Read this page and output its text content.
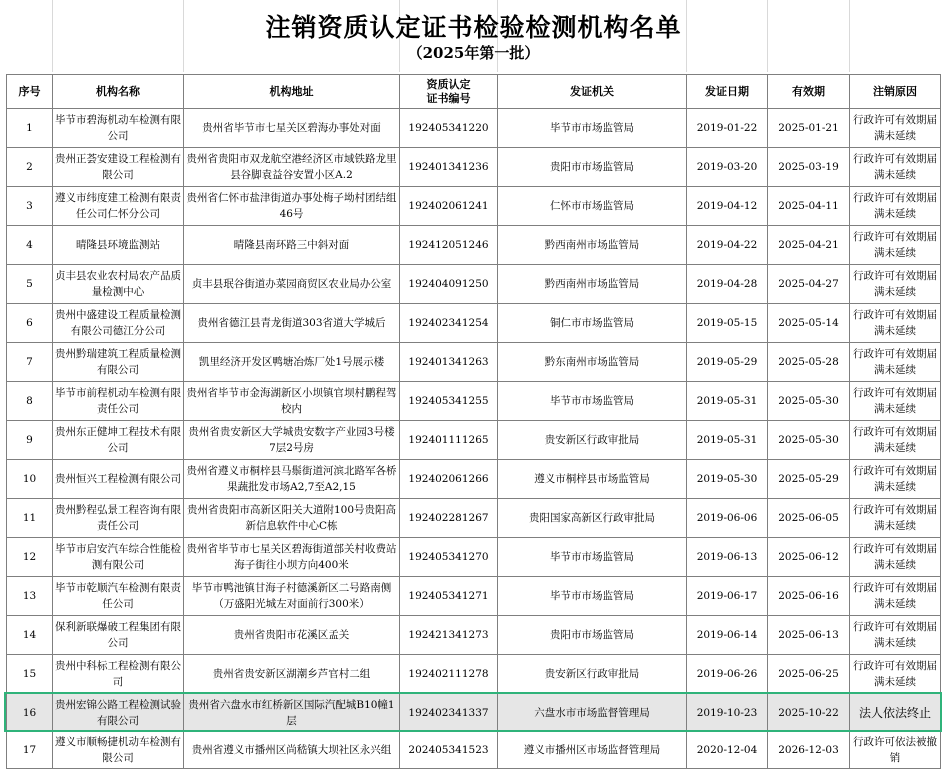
注销资质认定证书检验检测机构名单
（2025年第一批）
序号	机构名称	机构地址	资质认定
证书编号	发证机关	发证日期	有效期	注销原因
1	毕节市碧海机动车检测有限公司	贵州省毕节市七星关区碧海办事处对面	192405341220	毕节市市场监管局	2019-01-22	2025-01-21	行政许可有效期届满未延续
2	贵州正荟安建设工程检测有限公司	贵州省贵阳市双龙航空港经济区市域铁路龙里县谷脚袁益谷安置小区A.2	192401341236	贵阳市市场监管局	2019-03-20	2025-03-19	行政许可有效期届满未延续
3	遵义市纬度建工检测有限责任公司仁怀分公司	贵州省仁怀市盐津街道办事处梅子坳村团结组46号	192402061241	仁怀市市场监管局	2019-04-12	2025-04-11	行政许可有效期届满未延续
4	晴隆县环境监测站	晴隆县南环路三中斜对面	192412051246	黔西南州市场监管局	2019-04-22	2025-04-21	行政许可有效期届满未延续
5	贞丰县农业农村局农产品质量检测中心	贞丰县珉谷街道办菜园商贸区农业局办公室	192404091250	黔西南州市场监管局	2019-04-28	2025-04-27	行政许可有效期届满未延续
6	贵州中盛建设工程质量检测有限公司德江分公司	贵州省德江县青龙街道303省道大学城后	192402341254	铜仁市市场监管局	2019-05-15	2025-05-14	行政许可有效期届满未延续
7	贵州黔瑞建筑工程质量检测有限公司	凯里经济开发区鸭塘冶炼厂处1号展示楼	192401341263	黔东南州市场监管局	2019-05-29	2025-05-28	行政许可有效期届满未延续
8	毕节市前程机动车检测有限责任公司	贵州省毕节市金海湖新区小坝镇官坝村鹏程驾校内	192405341255	毕节市市场监管局	2019-05-31	2025-05-30	行政许可有效期届满未延续
9	贵州东正健坤工程技术有限公司	贵州省贵安新区大学城贵安数字产业园3号楼7层2号房	192401111265	贵安新区行政审批局	2019-05-31	2025-05-30	行政许可有效期届满未延续
10	贵州恒兴工程检测有限公司	贵州省遵义市桐梓县马鬃街道河滨北路军各桥果蔬批发市场A2,7至A2,15	192402061266	遵义市桐梓县市场监管局	2019-05-30	2025-05-29	行政许可有效期届满未延续
11	贵州黔程弘景工程咨询有限责任公司	贵州省贵阳市高新区阳关大道附100号贵阳高新信息软件中心C栋	192402281267	贵阳国家高新区行政审批局	2019-06-06	2025-06-05	行政许可有效期届满未延续
12	毕节市启安汽车综合性能检测有限公司	贵州省毕节市七星关区碧海街道部关村收费站海子街往小坝方向400米	192405341270	毕节市市场监管局	2019-06-13	2025-06-12	行政许可有效期届满未延续
13	毕节市乾顺汽车检测有限责任公司	毕节市鸭池镇甘海子村德溪新区二号路南侧（万盛阳光城左对面前行300米）	192405341271	毕节市市场监管局	2019-06-17	2025-06-16	行政许可有效期届满未延续
14	保利新联爆破工程集团有限公司	贵州省贵阳市花溪区孟关	192421341273	贵阳市市场监管局	2019-06-14	2025-06-13	行政许可有效期届满未延续
15	贵州中科标工程检测有限公司	贵州省贵安新区湖潮乡芦官村二组	192402111278	贵安新区行政审批局	2019-06-26	2025-06-25	行政许可有效期届满未延续
16	贵州宏锦公路工程检测试验有限公司	贵州省六盘水市红桥新区国际汽配城B10幢1层	192402341337	六盘水市市场监督管理局	2019-10-23	2025-10-22	法人依法终止
17	遵义市顺畅捷机动车检测有限公司	贵州省遵义市播州区尚嵇镇大坝社区永兴组	202405341523	遵义市播州区市场监督管理局	2020-12-04	2026-12-03	行政许可依法被撤销
